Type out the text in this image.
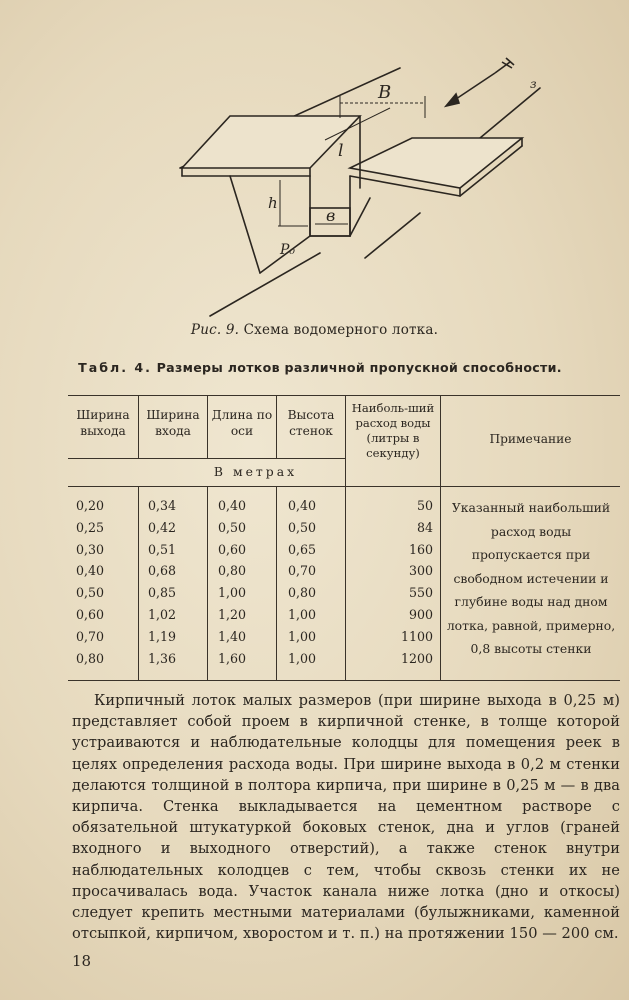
B
l
h
в
P₀
з
Рис. 9. Схема водомерного лотка.
Табл. 4. Размеры лотков различной пропускной способности.
Ширина выхода
Ширина входа
Длина по оси
Высота стенок
Наиболь-ший расход воды (литры в секунду)
Примечание
В метрах
0,20	0,34	0,40	0,40	50
0,25	0,42	0,50	0,50	84
0,30	0,51	0,60	0,65	160
0,40	0,68	0,80	0,70	300
0,50	0,85	1,00	0,80	550
0,60	1,02	1,20	1,00	900
0,70	1,19	1,40	1,00	1100
0,80	1,36	1,60	1,00	1200
Указанный наибольший расход воды пропускается при свободном истечении и глубине воды над дном лотка, равной, примерно, 0,8 высоты стенки
Кирпичный лоток малых размеров (при ширине выхода в 0,25 м) представляет собой проем в кирпичной стенке, в толще которой устраиваются и наблюдательные колодцы для помещения реек в целях определения расхода воды. При ширине выхода в 0,2 м стенки делаются толщиной в полтора кирпича, при ширине в 0,25 м — в два кирпича. Стенка выкладывается на цементном растворе с обязательной штукатуркой боковых стенок, дна и углов (граней входного и выходного отверстий), а также стенок внутри наблюдательных колодцев с тем, чтобы сквозь стенки их не просачивалась вода. Участок канала ниже лотка (дно и откосы) следует крепить местными материалами (булыжниками, каменной отсыпкой, кирпичом, хворостом и т. п.) на протяжении 150 — 200 см.
18
